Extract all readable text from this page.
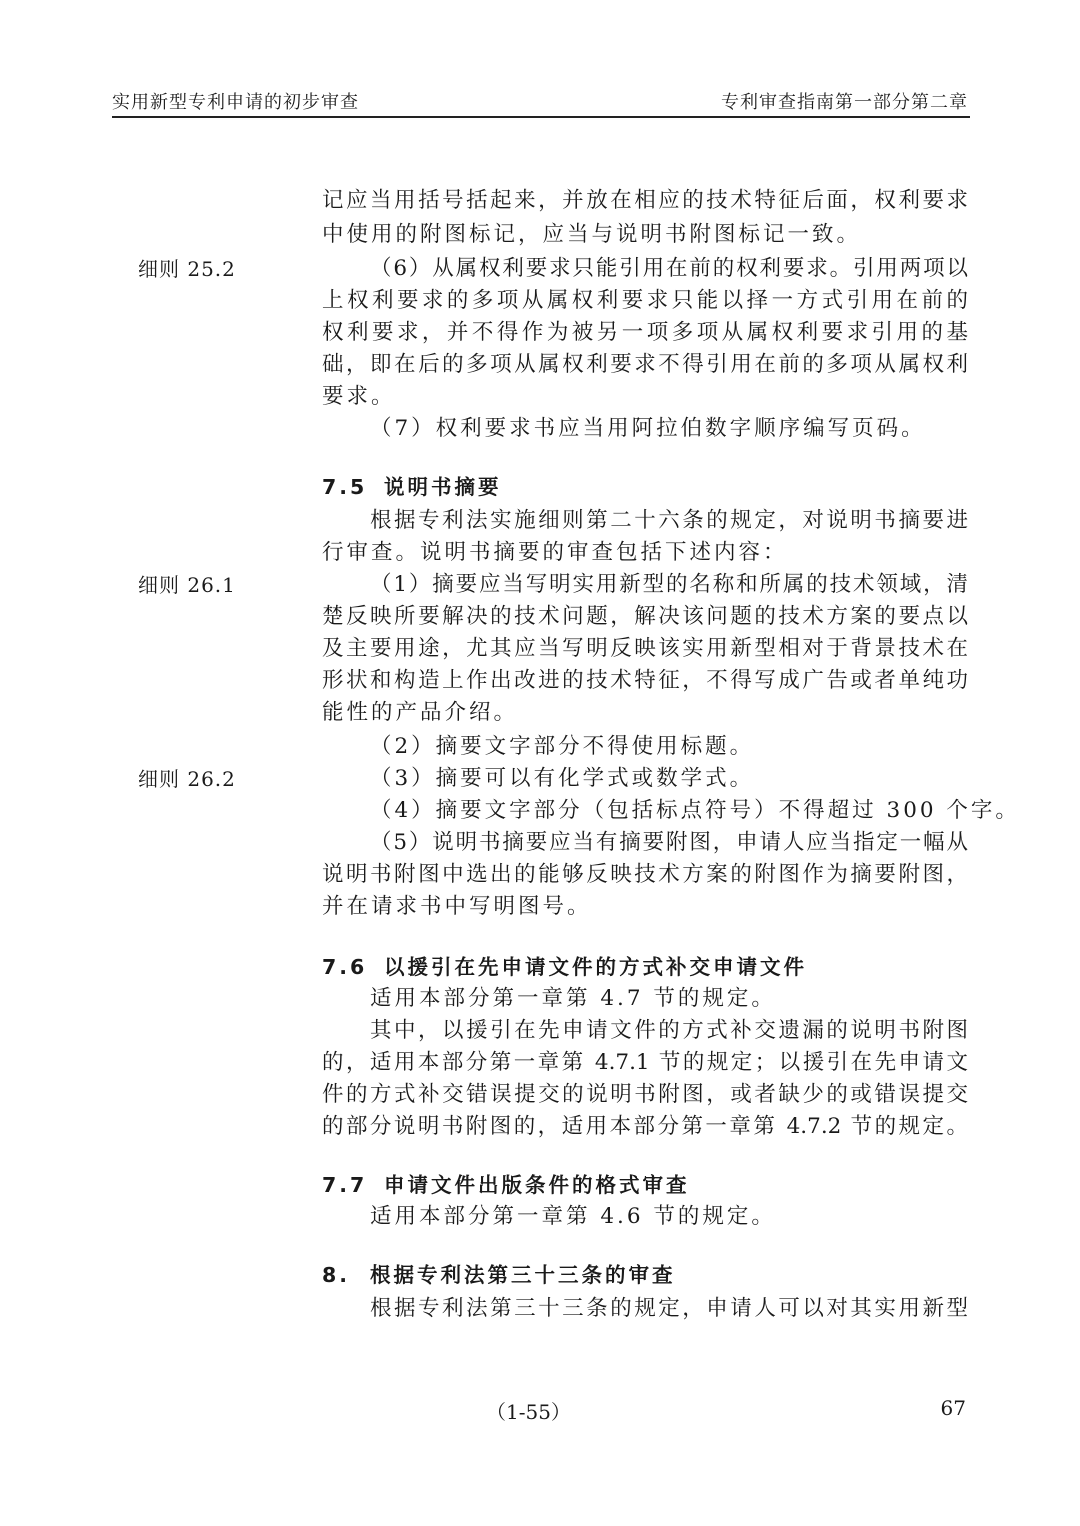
实用新型专利申请的初步审查	专利审查指南第一部分第二章
记应当用括号括起来，并放在相应的技术特征后面，权利要求
中使用的附图标记，应当与说明书附图标记一致。
细则 25.2	（6）从属权利要求只能引用在前的权利要求。引用两项以
上权利要求的多项从属权利要求只能以择一方式引用在前的
权利要求，并不得作为被另一项多项从属权利要求引用的基
础，即在后的多项从属权利要求不得引用在前的多项从属权利
要求。
（7）权利要求书应当用阿拉伯数字顺序编写页码。
7.5 说明书摘要
根据专利法实施细则第二十六条的规定，对说明书摘要进
行审查。说明书摘要的审查包括下述内容：
细则 26.1	（1）摘要应当写明实用新型的名称和所属的技术领域，清
楚反映所要解决的技术问题，解决该问题的技术方案的要点以
及主要用途，尤其应当写明反映该实用新型相对于背景技术在
形状和构造上作出改进的技术特征，不得写成广告或者单纯功
能性的产品介绍。
（2）摘要文字部分不得使用标题。
细则 26.2	（3）摘要可以有化学式或数学式。
（4）摘要文字部分（包括标点符号）不得超过 300 个字。
（5）说明书摘要应当有摘要附图，申请人应当指定一幅从
说明书附图中选出的能够反映技术方案的附图作为摘要附图，
并在请求书中写明图号。
7.6 以援引在先申请文件的方式补交申请文件
适用本部分第一章第 4.7 节的规定。
其中，以援引在先申请文件的方式补交遗漏的说明书附图
的，适用本部分第一章第 4.7.1 节的规定；以援引在先申请文
件的方式补交错误提交的说明书附图，或者缺少的或错误提交
的部分说明书附图的，适用本部分第一章第 4.7.2 节的规定。
7.7 申请文件出版条件的格式审查
适用本部分第一章第 4.6 节的规定。
8. 根据专利法第三十三条的审查
根据专利法第三十三条的规定，申请人可以对其实用新型
（1-55）	67
